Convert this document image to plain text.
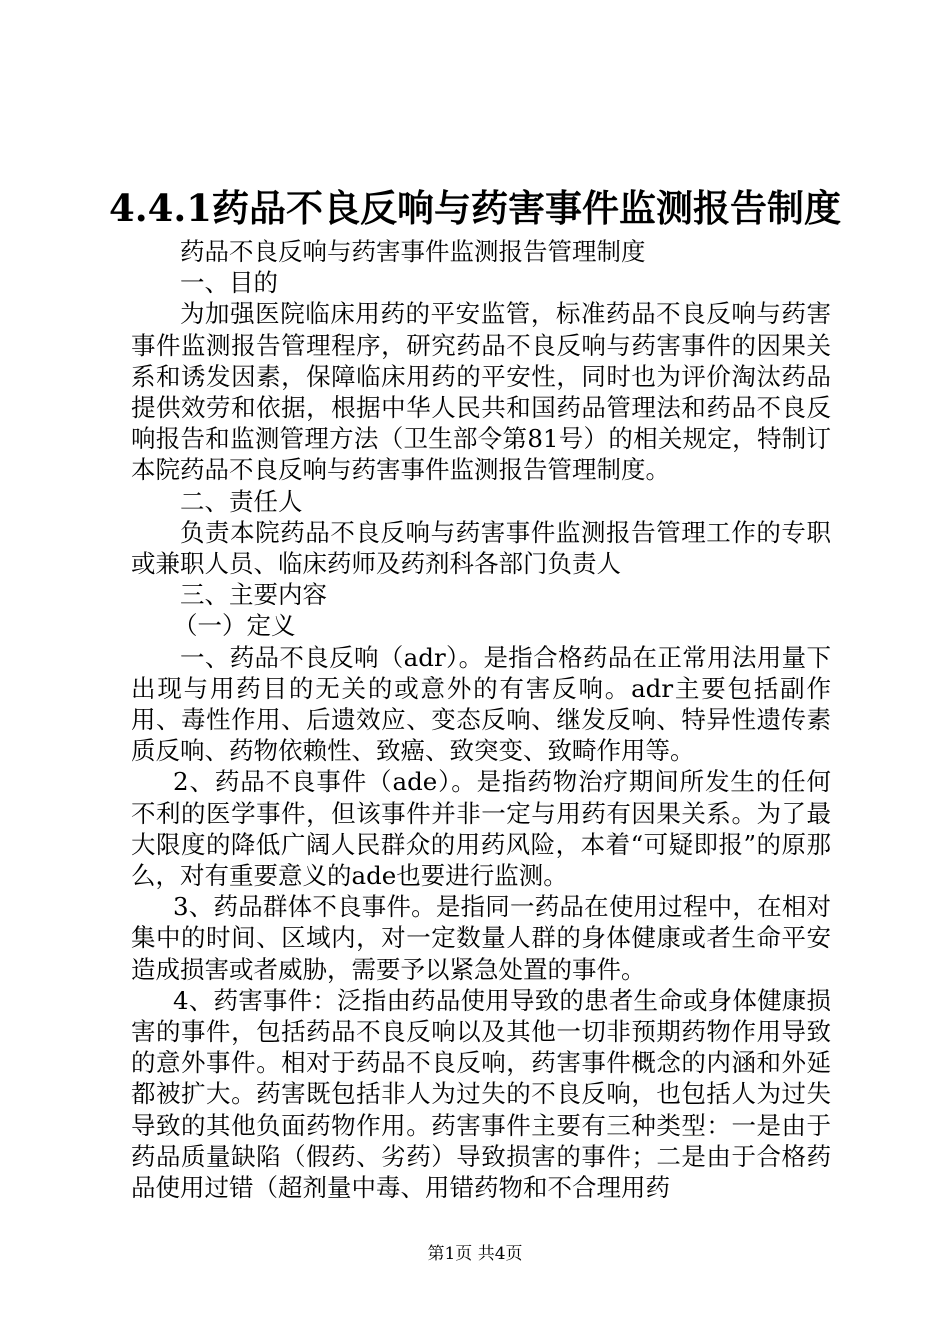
4.4.1药品不良反响与药害事件监测报告制度

药品不良反响与药害事件监测报告管理制度

一、目的

为加强医院临床用药的平安监管，标准药品不良反响与药害事件监测报告管理程序，研究药品不良反响与药害事件的因果关系和诱发因素，保障临床用药的平安性，同时也为评价淘汰药品提供效劳和依据，根据中华人民共和国药品管理法和药品不良反响报告和监测管理方法（卫生部令第81号）的相关规定，特制订本院药品不良反响与药害事件监测报告管理制度。

二、责任人

负责本院药品不良反响与药害事件监测报告管理工作的专职或兼职人员、临床药师及药剂科各部门负责人

三、主要内容

（一）定义

一、药品不良反响（adr）。是指合格药品在正常用法用量下出现与用药目的无关的或意外的有害反响。adr主要包括副作用、毒性作用、后遗效应、变态反响、继发反响、特异性遗传素质反响、药物依赖性、致癌、致突变、致畸作用等。

2、药品不良事件（ade）。是指药物治疗期间所发生的任何不利的医学事件，但该事件并非一定与用药有因果关系。为了最大限度的降低广阔人民群众的用药风险，本着“可疑即报”的原那么，对有重要意义的ade也要进行监测。

3、药品群体不良事件。是指同一药品在使用过程中，在相对集中的时间、区域内，对一定数量人群的身体健康或者生命平安造成损害或者威胁，需要予以紧急处置的事件。

4、药害事件：泛指由药品使用导致的患者生命或身体健康损害的事件，包括药品不良反响以及其他一切非预期药物作用导致的意外事件。相对于药品不良反响，药害事件概念的内涵和外延都被扩大。药害既包括非人为过失的不良反响，也包括人为过失导致的其他负面药物作用。药害事件主要有三种类型：一是由于药品质量缺陷（假药、劣药）导致损害的事件；二是由于合格药品使用过错（超剂量中毒、用错药物和不合理用药

第1页 共4页
